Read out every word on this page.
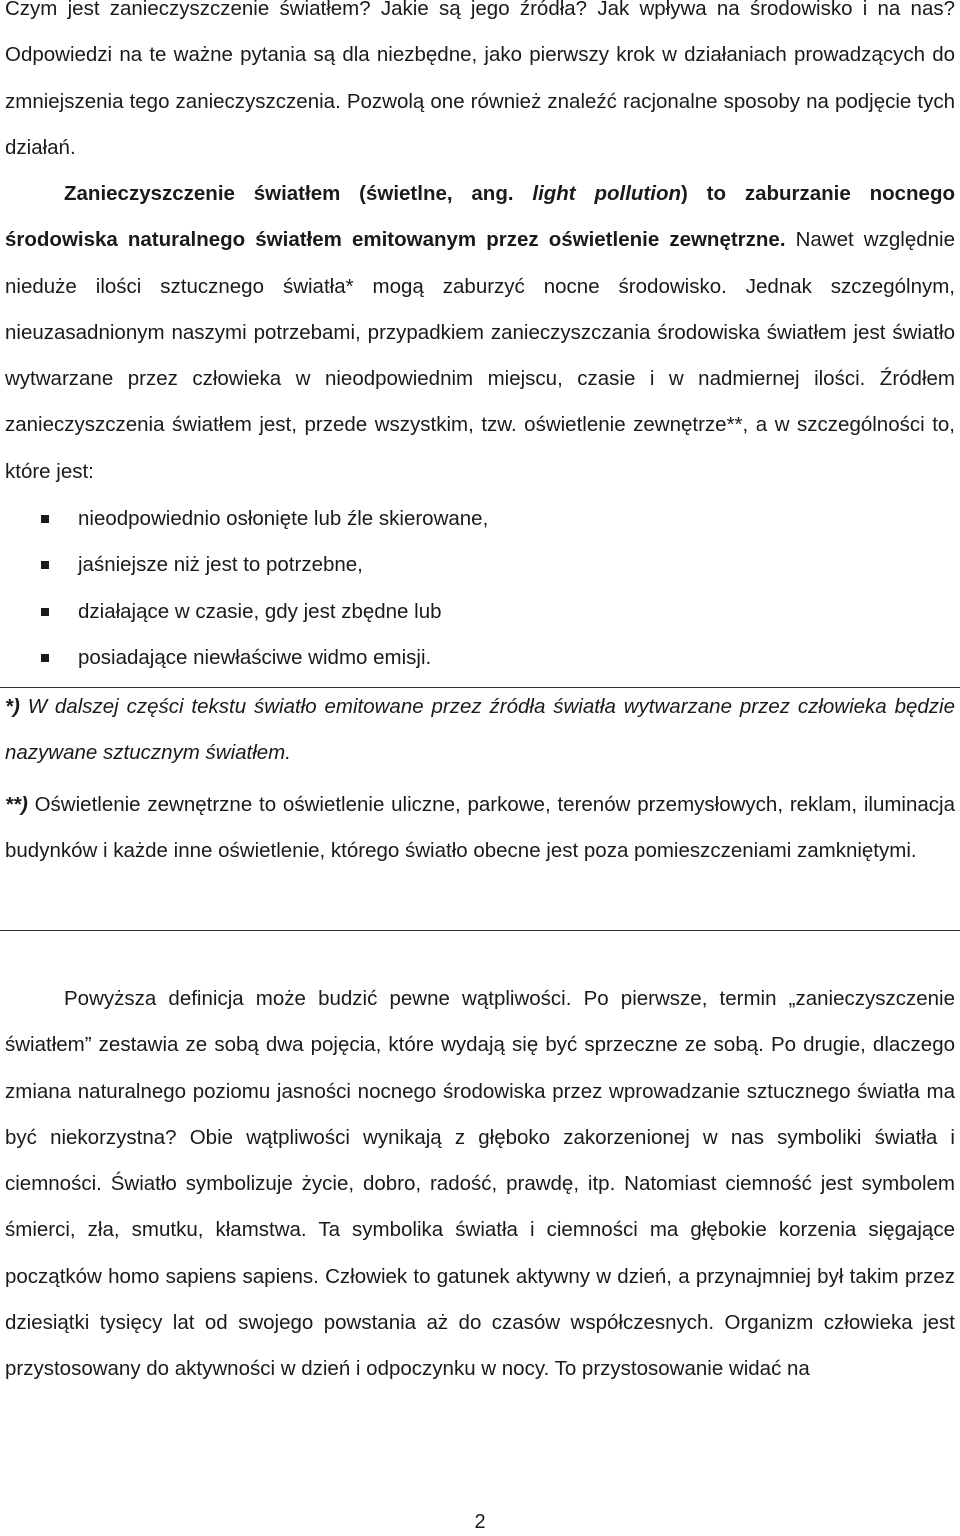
Czym jest zanieczyszczenie światłem? Jakie są jego źródła? Jak wpływa na środowisko i na nas? Odpowiedzi na te ważne pytania są dla niezbędne, jako pierwszy krok w działaniach prowadzących do zmniejszenia tego zanieczyszczenia. Pozwolą one również znaleźć racjonalne sposoby na podjęcie tych działań.

Zanieczyszczenie światłem (świetlne, ang. light pollution) to zaburzanie nocnego środowiska naturalnego światłem emitowanym przez oświetlenie zewnętrzne. Nawet względnie nieduże ilości sztucznego światła* mogą zaburzyć nocne środowisko. Jednak szczególnym, nieuzasadnionym naszymi potrzebami, przypadkiem zanieczyszczania środowiska światłem jest światło wytwarzane przez człowieka w nieodpowiednim miejscu, czasie i w nadmiernej ilości. Źródłem zanieczyszczenia światłem jest, przede wszystkim, tzw. oświetlenie zewnętrze**, a w szczególności to, które jest:

nieodpowiednio osłonięte lub źle skierowane,
jaśniejsze niż jest to potrzebne,
działające w czasie, gdy jest zbędne lub
posiadające niewłaściwe widmo emisji.

*) W dalszej części tekstu światło emitowane przez źródła światła wytwarzane przez człowieka będzie nazywane sztucznym światłem.

**) Oświetlenie zewnętrzne to oświetlenie uliczne, parkowe, terenów przemysłowych, reklam, iluminacja budynków i każde inne oświetlenie, którego światło obecne jest poza pomieszczeniami zamkniętymi.

Powyższa definicja może budzić pewne wątpliwości. Po pierwsze, termin „zanieczyszczenie światłem” zestawia ze sobą dwa pojęcia, które wydają się być sprzeczne ze sobą. Po drugie, dlaczego zmiana naturalnego poziomu jasności nocnego środowiska przez wprowadzanie sztucznego światła ma być niekorzystna? Obie wątpliwości wynikają z głęboko zakorzenionej w nas symboliki światła i ciemności. Światło symbolizuje życie, dobro, radość, prawdę, itp. Natomiast ciemność jest symbolem śmierci, zła, smutku, kłamstwa. Ta symbolika światła i ciemności ma głębokie korzenia sięgające początków homo sapiens sapiens. Człowiek to gatunek aktywny w dzień, a przynajmniej był takim przez dziesiątki tysięcy lat od swojego powstania aż do czasów współczesnych. Organizm człowieka jest przystosowany do aktywności w dzień i odpoczynku w nocy. To przystosowanie widać na

2
